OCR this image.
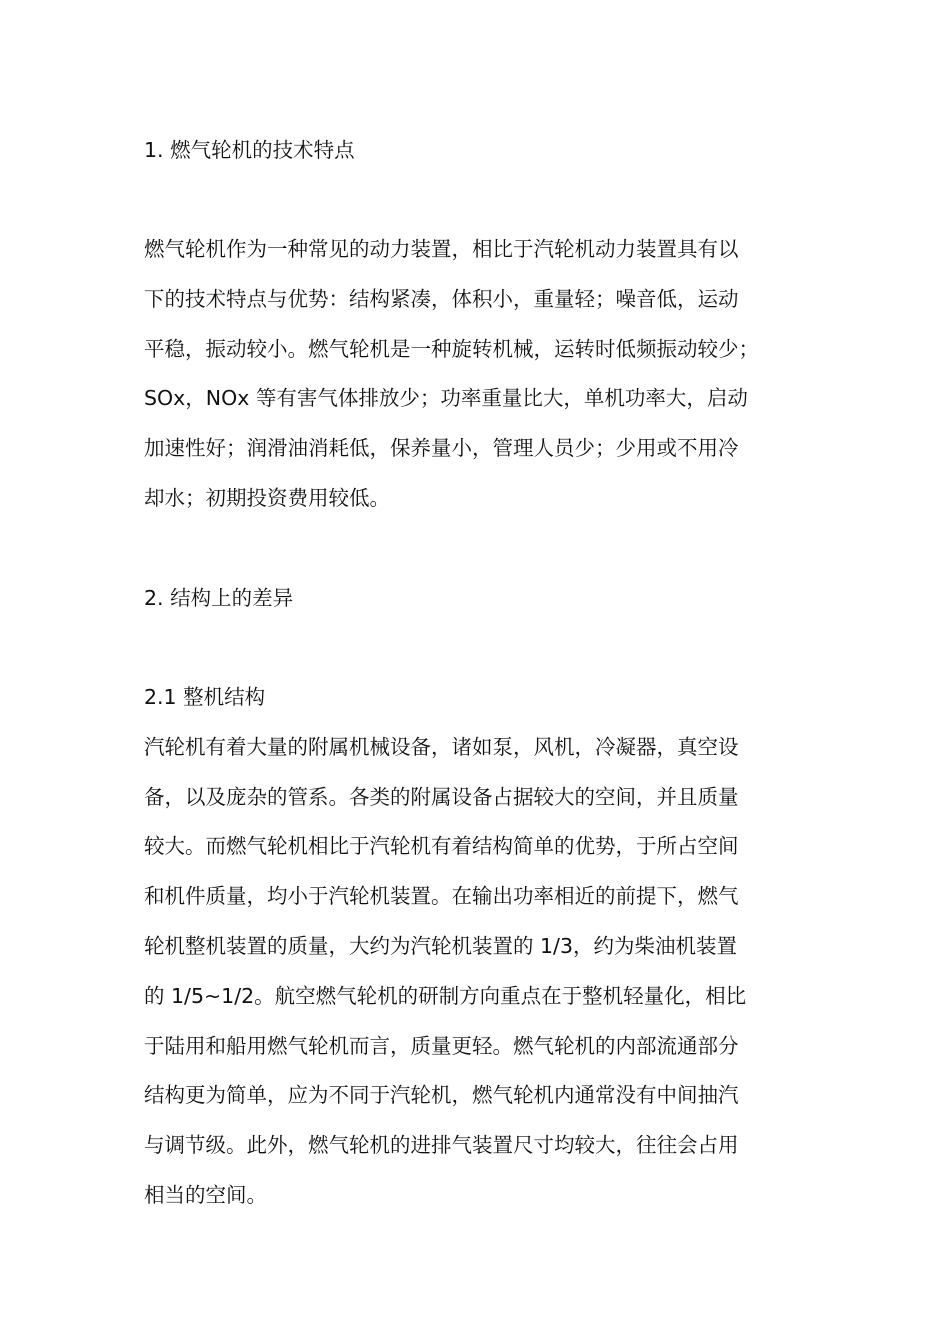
1. 燃气轮机的技术特点
燃气轮机作为一种常见的动力装置，相比于汽轮机动力装置具有以
下的技术特点与优势：结构紧凑，体积小，重量轻；噪音低，运动
平稳，振动较小。燃气轮机是一种旋转机械，运转时低频振动较少；
SOx，NOx 等有害气体排放少；功率重量比大，单机功率大，启动
加速性好；润滑油消耗低，保养量小，管理人员少；少用或不用冷
却水；初期投资费用较低。
2. 结构上的差异
2.1 整机结构
汽轮机有着大量的附属机械设备，诸如泵，风机，冷凝器，真空设
备，以及庞杂的管系。各类的附属设备占据较大的空间，并且质量
较大。而燃气轮机相比于汽轮机有着结构简单的优势，于所占空间
和机件质量，均小于汽轮机装置。在输出功率相近的前提下，燃气
轮机整机装置的质量，大约为汽轮机装置的 1/3，约为柴油机装置
的 1/5~1/2。航空燃气轮机的研制方向重点在于整机轻量化，相比
于陆用和船用燃气轮机而言，质量更轻。燃气轮机的内部流通部分
结构更为简单，应为不同于汽轮机，燃气轮机内通常没有中间抽汽
与调节级。此外，燃气轮机的进排气装置尺寸均较大，往往会占用
相当的空间。
